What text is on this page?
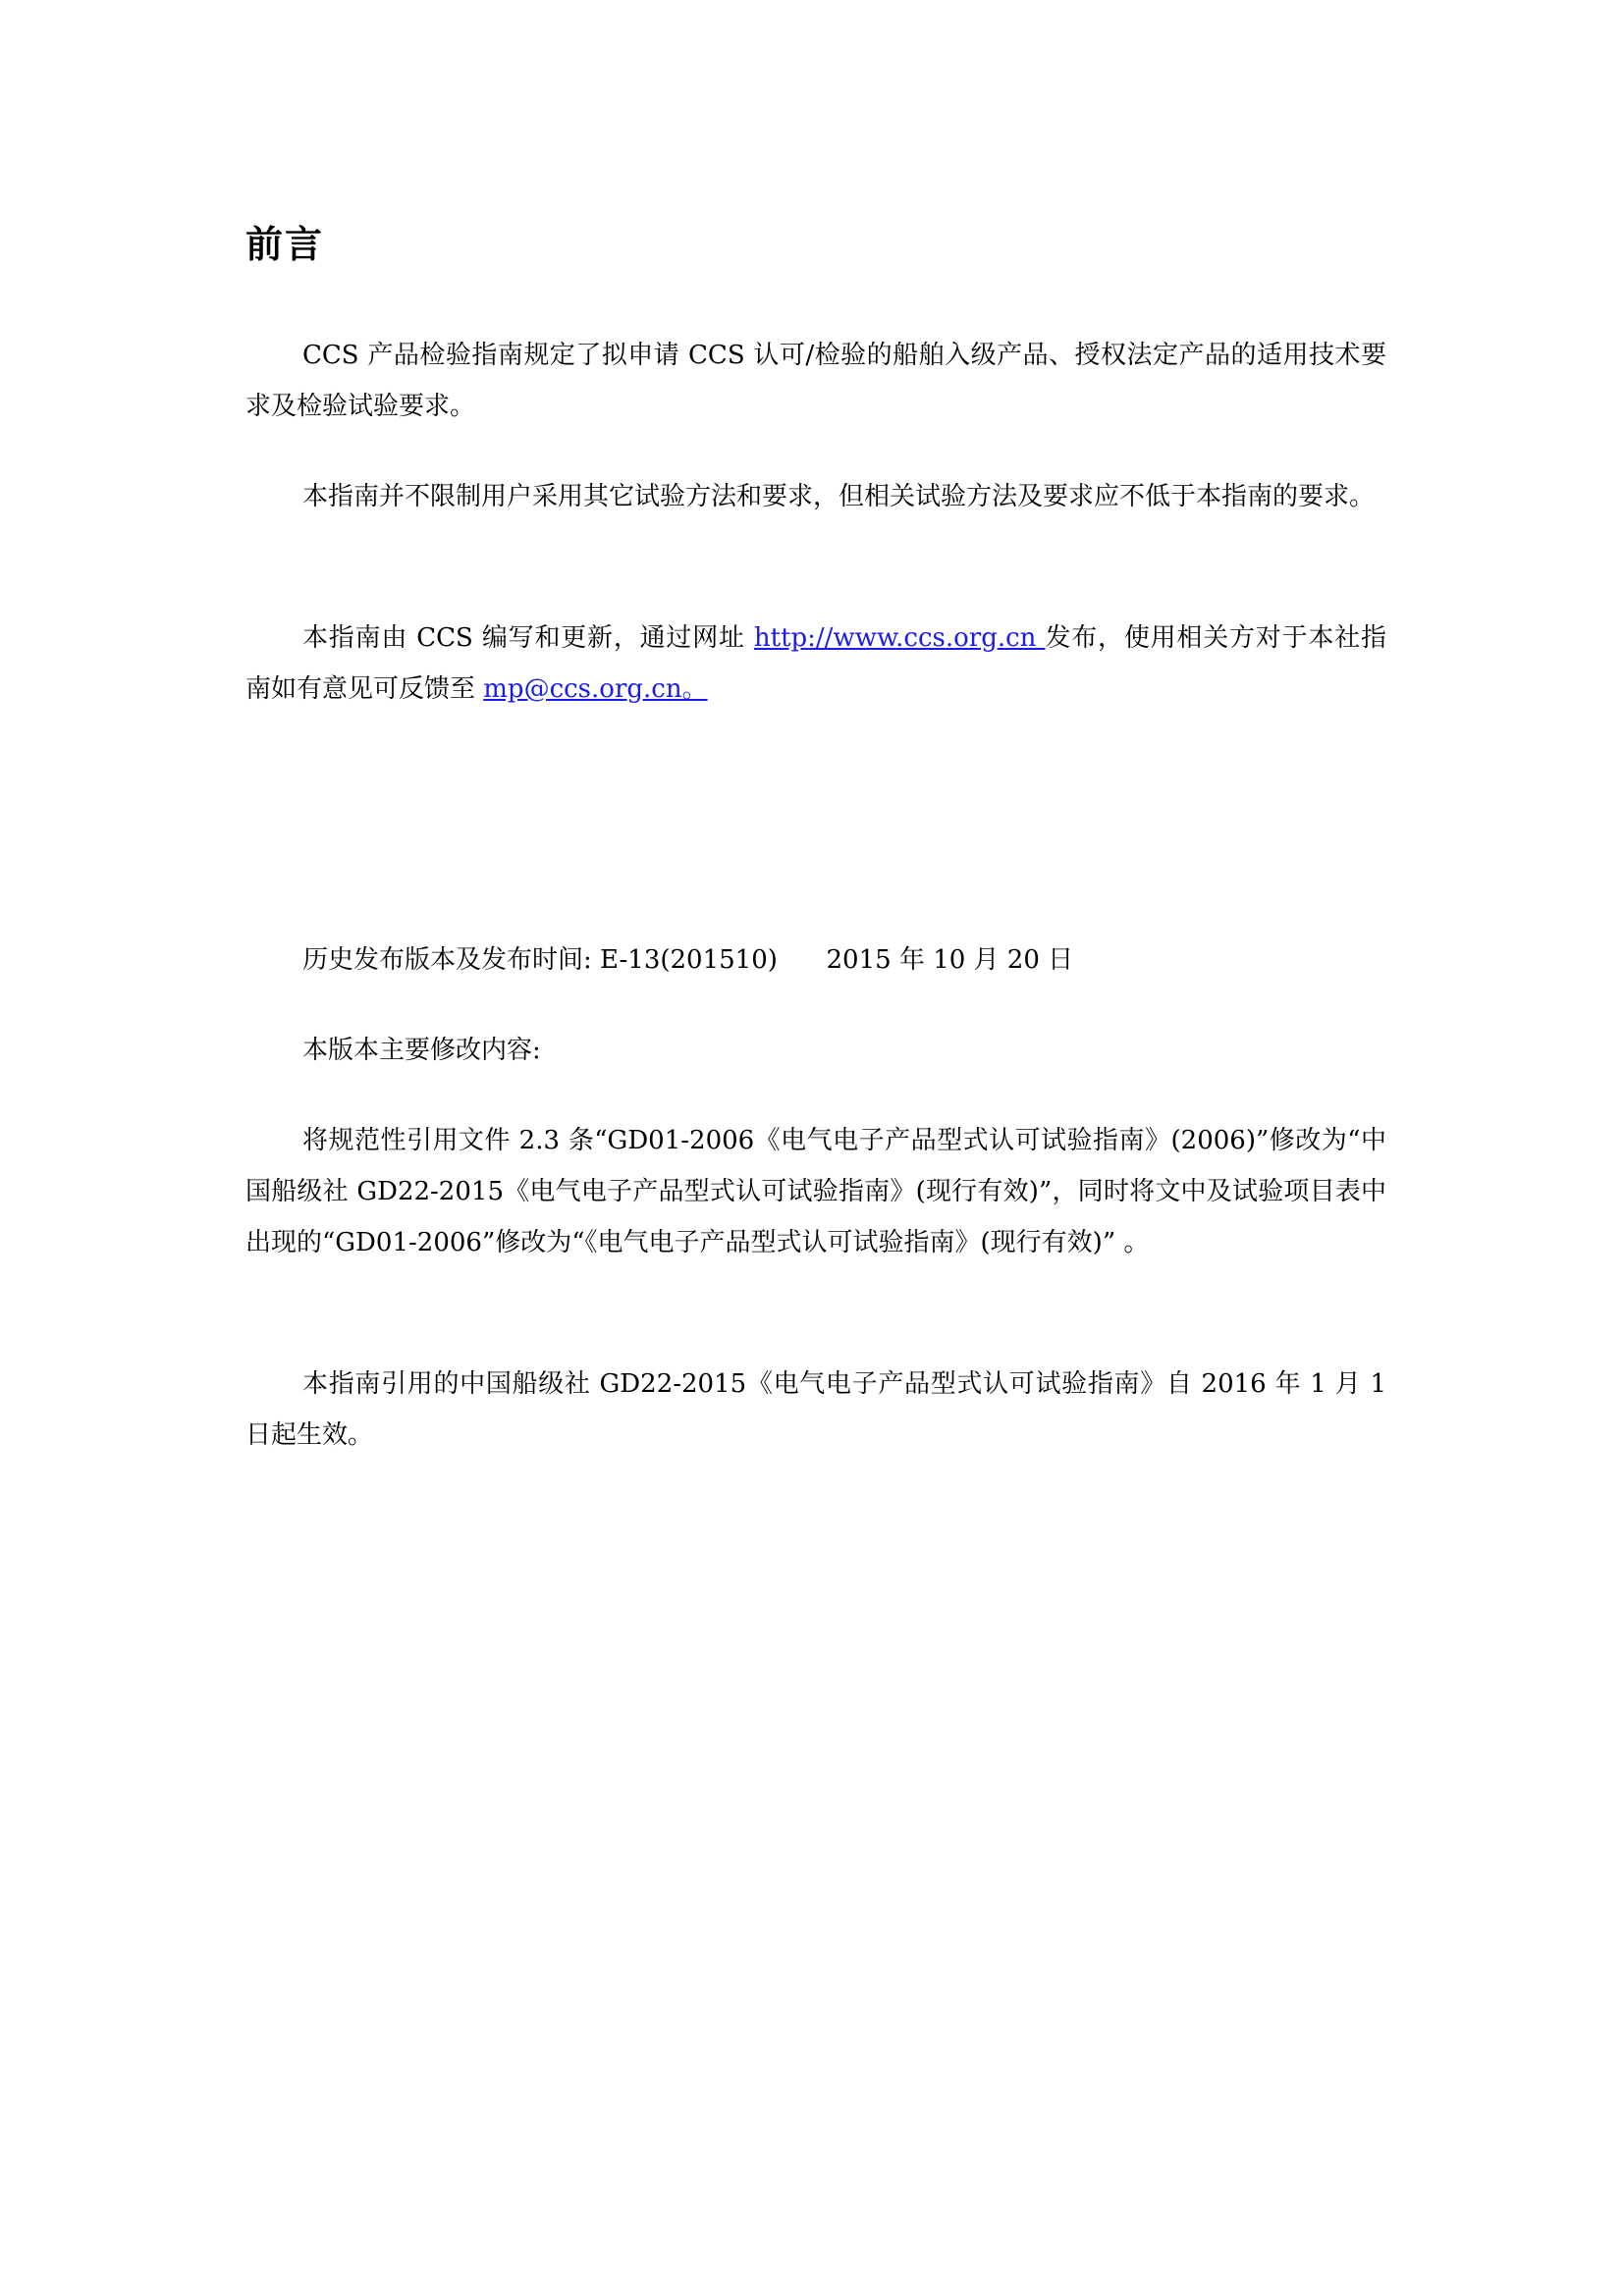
前言

CCS 产品检验指南规定了拟申请 CCS 认可/检验的船舶入级产品、授权法定产品的适用技术要求及检验试验要求。

本指南并不限制用户采用其它试验方法和要求，但相关试验方法及要求应不低于本指南的要求。

本指南由 CCS 编写和更新，通过网址 http://www.ccs.org.cn 发布，使用相关方对于本社指南如有意见可反馈至 mp@ccs.org.cn。

历史发布版本及发布时间: E-13(201510) 2015 年 10 月 20 日

本版本主要修改内容:

将规范性引用文件 2.3 条“GD01-2006《电气电子产品型式认可试验指南》(2006)”修改为“中国船级社 GD22-2015《电气电子产品型式认可试验指南》(现行有效)”，同时将文中及试验项目表中出现的“GD01-2006”修改为“《电气电子产品型式认可试验指南》(现行有效)” 。

本指南引用的中国船级社 GD22-2015《电气电子产品型式认可试验指南》自 2016 年 1 月 1 日起生效。
